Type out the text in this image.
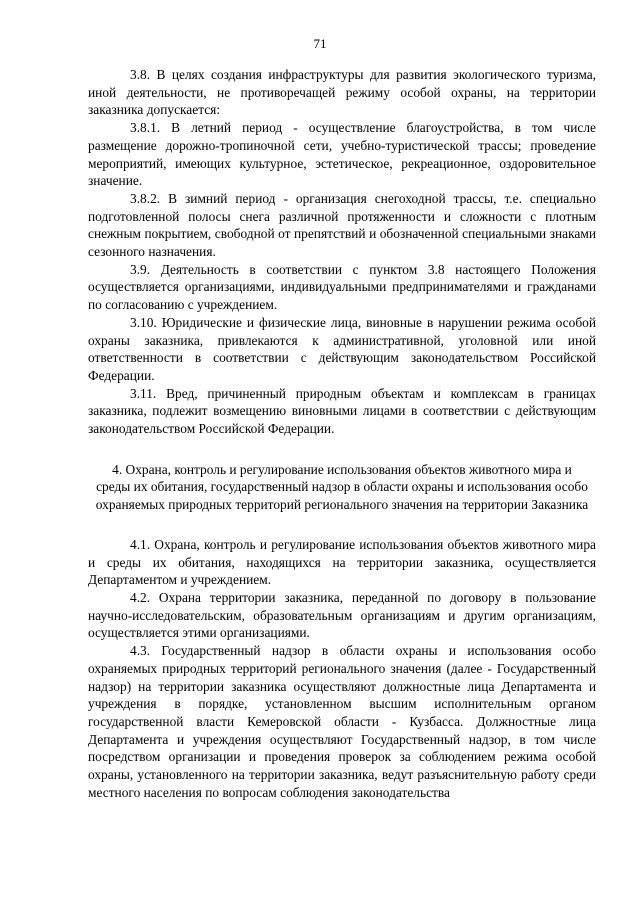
71

3.8. В целях создания инфраструктуры для развития экологического туризма, иной деятельности, не противоречащей режиму особой охраны, на территории заказника допускается:

3.8.1. В летний период - осуществление благоустройства, в том числе размещение дорожно-тропиночной сети, учебно-туристической трассы; проведение мероприятий, имеющих культурное, эстетическое, рекреационное, оздоровительное значение.

3.8.2. В зимний период - организация снегоходной трассы, т.е. специально подготовленной полосы снега различной протяженности и сложности с плотным снежным покрытием, свободной от препятствий и обозначенной специальными знаками сезонного назначения.

3.9. Деятельность в соответствии с пунктом 3.8 настоящего Положения осуществляется организациями, индивидуальными предпринимателями и гражданами по согласованию с учреждением.

3.10. Юридические и физические лица, виновные в нарушении режима особой охраны заказника, привлекаются к административной, уголовной или иной ответственности в соответствии с действующим законодательством Российской Федерации.

3.11. Вред, причиненный природным объектам и комплексам в границах заказника, подлежит возмещению виновными лицами в соответствии с действующим законодательством Российской Федерации.

4. Охрана, контроль и регулирование использования объектов животного мира и среды их обитания, государственный надзор в области охраны и использования особо охраняемых природных территорий регионального значения на территории Заказника

4.1. Охрана, контроль и регулирование использования объектов животного мира и среды их обитания, находящихся на территории заказника, осуществляется Департаментом и учреждением.

4.2. Охрана территории заказника, переданной по договору в пользование научно-исследовательским, образовательным организациям и другим организациям, осуществляется этими организациями.

4.3. Государственный надзор в области охраны и использования особо охраняемых природных территорий регионального значения (далее - Государственный надзор) на территории заказника осуществляют должностные лица Департамента и учреждения в порядке, установленном высшим исполнительным органом государственной власти Кемеровской области - Кузбасса. Должностные лица Департамента и учреждения осуществляют Государственный надзор, в том числе посредством организации и проведения проверок за соблюдением режима особой охраны, установленного на территории заказника, ведут разъяснительную работу среди местного населения по вопросам соблюдения законодательства
